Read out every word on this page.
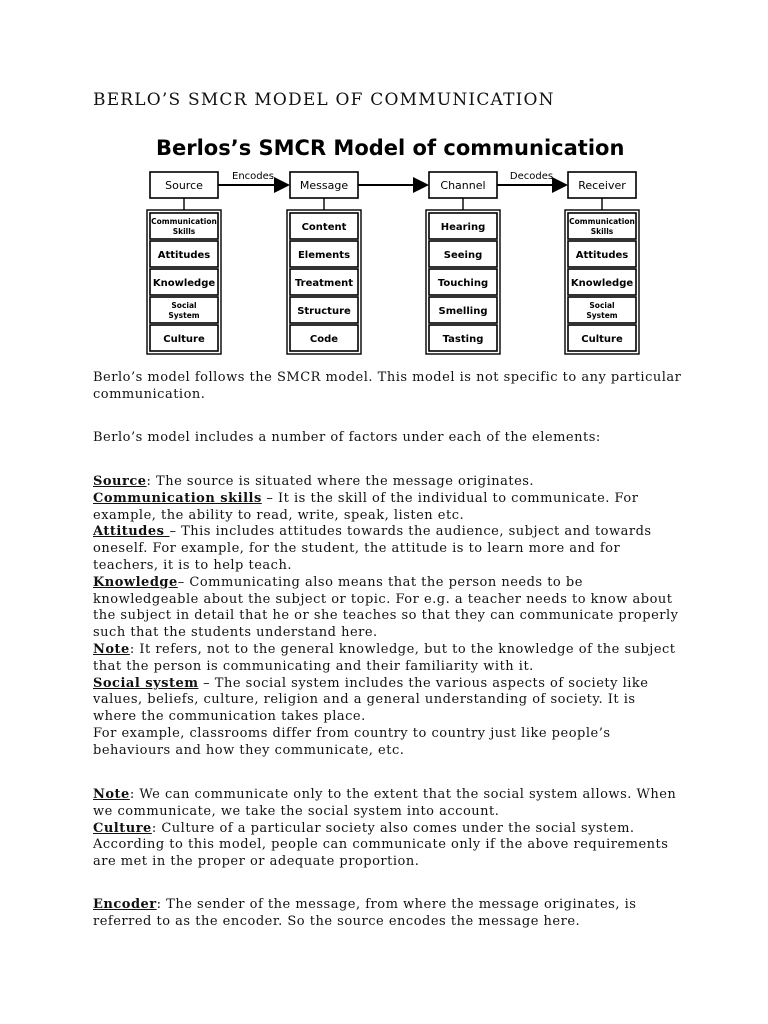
BERLO’S SMCR MODEL OF COMMUNICATION
Berlos’s SMCR Model of communication
Source
Communication
Skills
Attitudes
Knowledge
Social
System
Culture
Message
Content
Elements
Treatment
Structure
Code
Channel
Hearing
Seeing
Touching
Smelling
Tasting
Receiver
Communication
Skills
Attitudes
Knowledge
Social
System
Culture
Encodes	Decodes

Berlo’s model follows the SMCR model. This model is not specific to any particular communication.

Berlo’s model includes a number of factors under each of the elements:

Source: The source is situated where the message originates.

Communication skills – It is the skill of the individual to communicate. For example, the ability to read, write, speak, listen etc.

Attitudes – This includes attitudes towards the audience, subject and towards oneself. For example, for the student, the attitude is to learn more and for teachers, it is to help teach.

Knowledge– Communicating also means that the person needs to be knowledgeable about the subject or topic. For e.g. a teacher needs to know about the subject in detail that he or she teaches so that they can communicate properly such that the students understand here.

Note: It refers, not to the general knowledge, but to the knowledge of the subject that the person is communicating and their familiarity with it.

Social system – The social system includes the various aspects of society like values, beliefs, culture, religion and a general understanding of society. It is where the communication takes place.

For example, classrooms differ from country to country just like people’s behaviours and how they communicate, etc.

Note: We can communicate only to the extent that the social system allows. When we communicate, we take the social system into account.

Culture: Culture of a particular society also comes under the social system. According to this model, people can communicate only if the above requirements are met in the proper or adequate proportion.

Encoder: The sender of the message, from where the message originates, is referred to as the encoder. So the source encodes the message here.
